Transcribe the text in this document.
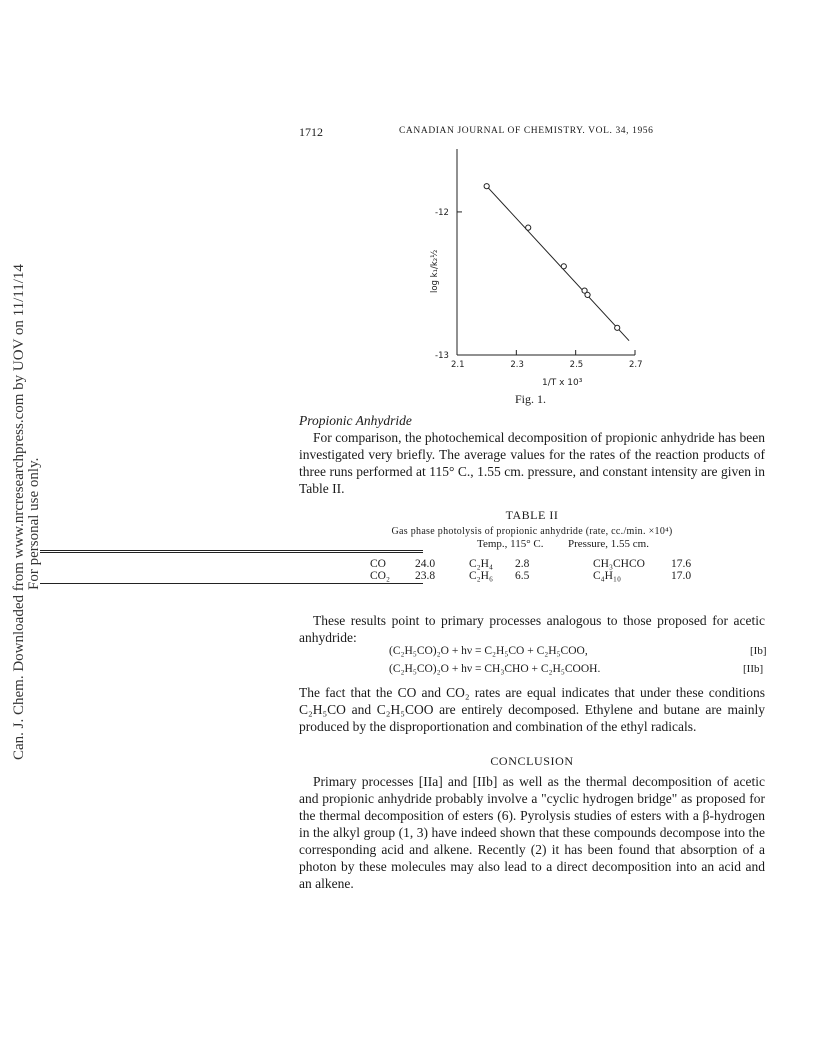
Can. J. Chem. Downloaded from www.nrcresearchpress.com by UOV on 11/11/14 For personal use only.
1712	CANADIAN JOURNAL OF CHEMISTRY. VOL. 34, 1956
2.1	2.3	2.5	2.7
-12
-13
log k₁/k₂½
1/T x 10³
Fig. 1.
Propionic Anhydride
For comparison, the photochemical decomposition of propionic anhydride has been investigated very briefly. The average values for the rates of the reaction products of three runs performed at 115° C., 1.55 cm. pressure, and constant intensity are given in Table II.
TABLE II
Gas phase photolysis of propionic anhydride (rate, cc./min. ×10⁴)
Temp., 115° C. Pressure, 1.55 cm.
CO	24.0	C₂H₄ 2.8	CH₃CHCO 17.6
CO₂ 23.8	C₂H₆ 6.5	C₄H₁₀	17.0
These results point to primary processes analogous to those proposed for acetic anhydride:
(C₂H₅CO)₂O + hν = C₂H₅CO + C₂H₅COO,	[Ib]
(C₂H₅CO)₂O + hν = CH₃CHO + C₂H₅COOH.	[IIb]
The fact that the CO and CO₂ rates are equal indicates that under these conditions C₂H₅CO and C₂H₅COO are entirely decomposed. Ethylene and butane are mainly produced by the disproportionation and combination of the ethyl radicals.
CONCLUSION
Primary processes [IIa] and [IIb] as well as the thermal decomposition of acetic and propionic anhydride probably involve a "cyclic hydrogen bridge" as proposed for the thermal decomposition of esters (6). Pyrolysis studies of esters with a β-hydrogen in the alkyl group (1, 3) have indeed shown that these compounds decompose into the corresponding acid and alkene. Recently (2) it has been found that absorption of a photon by these molecules may also lead to a direct decomposition into an acid and an alkene.
